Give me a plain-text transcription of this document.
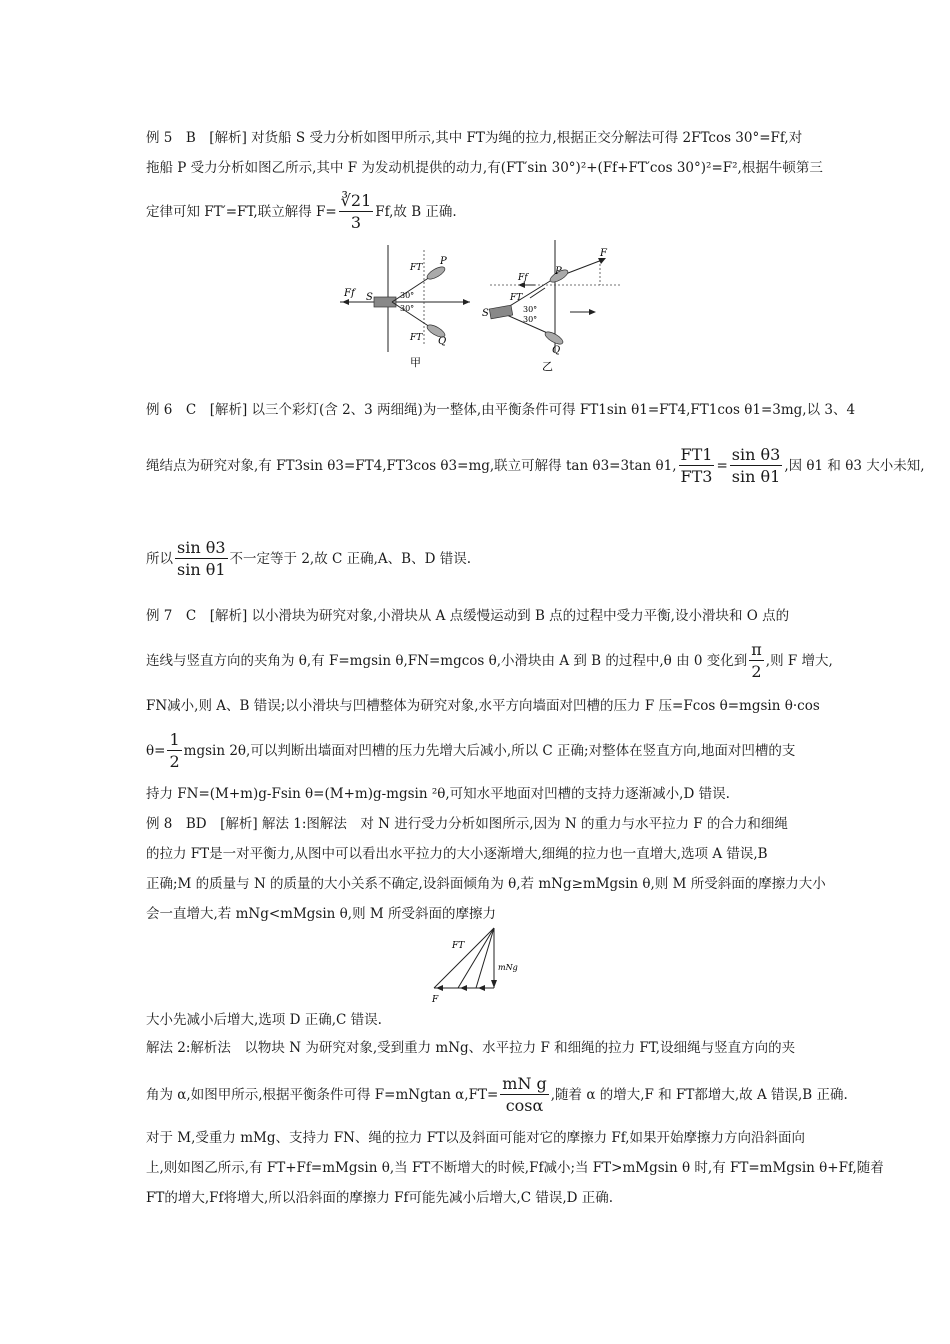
例 5　B　[解析] 对货船 S 受力分析如图甲所示,其中 FT为绳的拉力,根据正交分解法可得 2FTcos 30°=Ff,对
拖船 P 受力分析如图乙所示,其中 F 为发动机提供的动力,有(FT′sin 30°)²+(Ff+FT′cos 30°)²=F²,根据牛顿第三
定律可知 FT′=FT,联立解得 $F= \frac{∛21}{3} Ff$,故 B 正确.
Ff S
FT
FT
P
Q
30°
30°
甲
Ff
FT
S
P
F
Q
30°
30°
乙
例 6　C　[解析] 以三个彩灯(含 2、3 两细绳)为一整体,由平衡条件可得 FT1sin θ1=FT4,FT1cos θ1=3mg,以 3、4
绳结点为研究对象,有 FT3sin θ3=FT4,FT3cos θ3=mg,联立可解得 tan θ3=3tan θ1, $\frac{FT1}{FT3} = \frac{\text{sin θ3}}{\text{sin θ1}}$ ,因 θ1 和 θ3 大小未知,
所以 $\frac{\text{sin θ3}}{\text{sin θ1}}$ 不一定等于 2,故 C 正确,A、B、D 错误.
例 7　C　[解析] 以小滑块为研究对象,小滑块从 A 点缓慢运动到 B 点的过程中受力平衡,设小滑块和 O 点的
连线与竖直方向的夹角为 θ,有 F=mgsin θ,FN=mgcos θ,小滑块由 A 到 B 的过程中,θ 由 0 变化到 $\frac{\pi}{2}$ ,则 F 增大,
FN减小,则 A、B 错误;以小滑块与凹槽整体为研究对象,水平方向墙面对凹槽的压力 F 压=Fcos θ=mgsin θ·cos
$\theta= \frac{1}{2}$ mgsin 2θ,可以判断出墙面对凹槽的压力先增大后减小,所以 C 正确;对整体在竖直方向,地面对凹槽的支
持力 FN=(M+m)g-Fsin θ=(M+m)g-mgsin ²θ,可知水平地面对凹槽的支持力逐渐减小,D 错误.
例 8　BD　[解析] 解法 1:图解法　对 N 进行受力分析如图所示,因为 N 的重力与水平拉力 F 的合力和细绳
的拉力 FT是一对平衡力,从图中可以看出水平拉力的大小逐渐增大,细绳的拉力也一直增大,选项 A 错误,B
正确;M 的质量与 N 的质量的大小关系不确定,设斜面倾角为 θ,若 mNg≥mMgsin θ,则 M 所受斜面的摩擦力大小
会一直增大,若 mNg<mMgsin θ,则 M 所受斜面的摩擦力
FT
mNg
F
大小先减小后增大,选项 D 正确,C 错误.
解法 2:解析法　以物块 N 为研究对象,受到重力 mNg、水平拉力 F 和细绳的拉力 FT,设细绳与竖直方向的夹
角为 α,如图甲所示,根据平衡条件可得 F=mNgtan $\alpha,FT= \frac{\text{mN g}}{\cos\alpha}$ ,随着 α 的增大,F 和 FT都增大,故 A 错误,B 正确.
对于 M,受重力 mMg、支持力 FN、绳的拉力 FT以及斜面可能对它的摩擦力 Ff,如果开始摩擦力方向沿斜面向
上,则如图乙所示,有 FT+Ff=mMgsin θ,当 FT不断增大的时候,Ff减小;当 FT>mMgsin θ 时,有 FT=mMgsin θ+Ff,随着
FT的增大,Ff将增大,所以沿斜面的摩擦力 Ff可能先减小后增大,C 错误,D 正确.
